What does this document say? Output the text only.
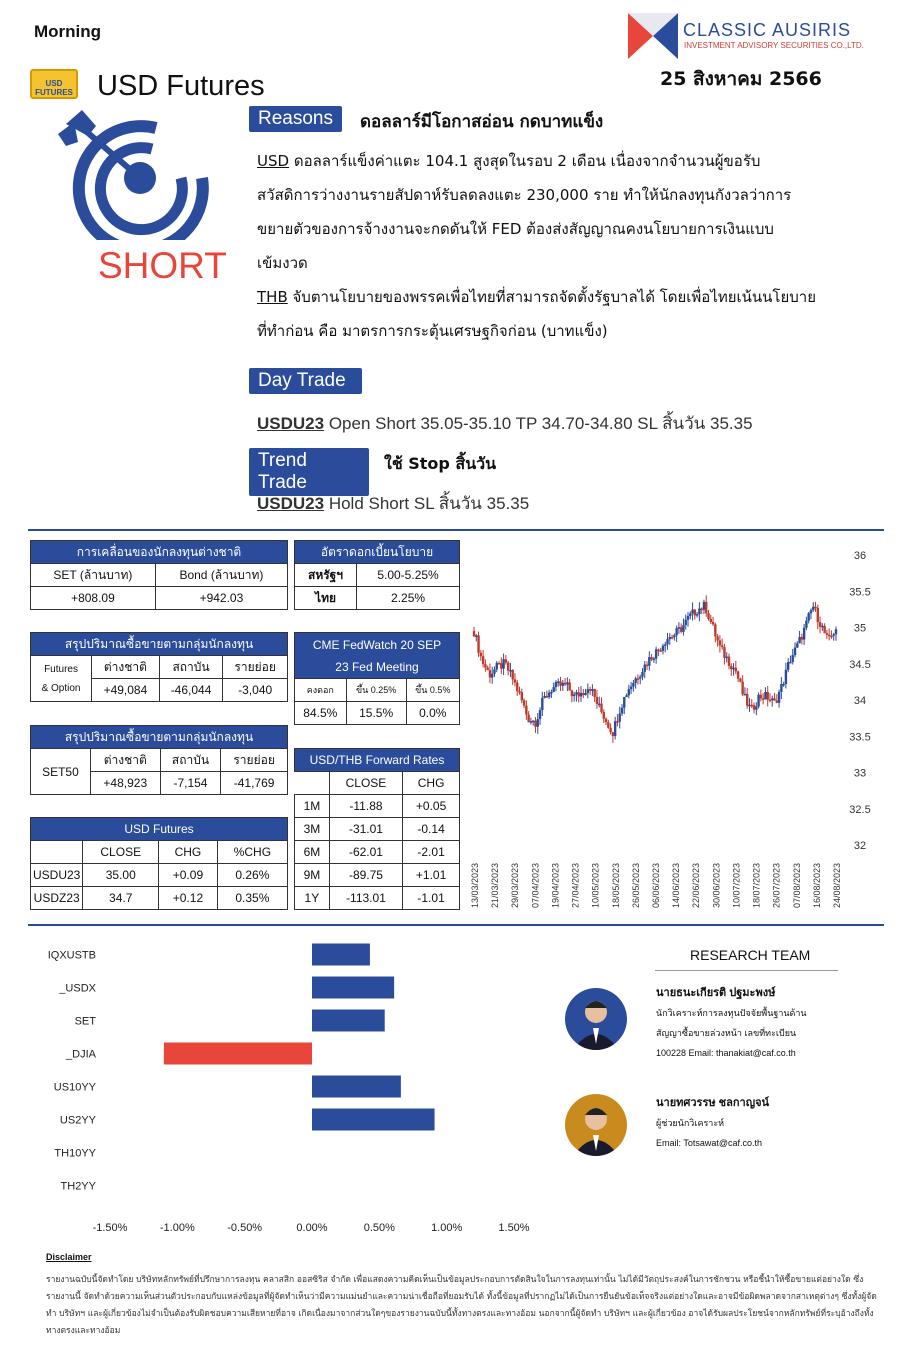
Morning
USD FUTURES USD Futures
CLASSIC AUSIRIS
INVESTMENT ADVISORY SECURITIES CO.,LTD.
25 สิงหาคม 2566
SHORT
Reasons	ดอลลาร์มีโอกาสอ่อน กดบาทแข็ง
USD ดอลลาร์แข็งค่าแตะ 104.1 สูงสุดในรอบ 2 เดือน เนื่องจากจำนวนผู้ขอรับ
สวัสดิการว่างงานรายสัปดาห์รับลดลงแตะ 230,000 ราย ทำให้นักลงทุนกังวลว่าการ
ขยายตัวของการจ้างงานจะกดดันให้ FED ต้องส่งสัญญาณคงนโยบายการเงินแบบ
เข้มงวด
THB จับตานโยบายของพรรคเพื่อไทยที่สามารถจัดตั้งรัฐบาลได้ โดยเพื่อไทยเน้นนโยบาย
ที่ทำก่อน คือ มาตรการกระตุ้นเศรษฐกิจก่อน (บาทแข็ง)
Day Trade
USDU23 Open Short 35.05-35.10 TP 34.70-34.80 SL สิ้นวัน 35.35
Trend Trade
ใช้ Stop สิ้นวัน
USDU23 Hold Short SL สิ้นวัน 35.35
การเคลื่อนของนักลงทุนต่างชาติ	
SET (ล้านบาท)	Bond (ล้านบาท)
+808.09	+942.03
อัตราดอกเบี้ยนโยบาย	
สหรัฐฯ	5.00-5.25%
ไทย	2.25%
สรุปปริมาณซื้อขายตามกลุ่มนักลงทุน			

Futures
& Option	ต่างชาติ	สถาบัน	รายย่อย
	+49,084	-46,044	-3,040
สรุปปริมาณซื้อขายตามกลุ่มนักลงทุน			
SET50	ต่างชาติ	สถาบัน	รายย่อย
	+48,923	-7,154	-41,769
CME FedWatch 20 SEP
23 Fed Meeting		

คงดอก	ขึ้น 0.25%	ขึ้น 0.5%
84.5%	15.5%	0.0%
USD Futures			
	CLOSE	CHG	%CHG
USDU23	35.00	+0.09	0.26%
USDZ23	34.7	+0.12	0.35%
USD/THB Forward Rates		
	CLOSE	CHG
1M	-11.88	+0.05
3M	-31.01	-0.14
6M	-62.01	-2.01
9M	-89.75	+1.01
1Y	-113.01	-1.01
36
35.5
35
34.5
34
33.5
33
32.5
32
13/03/2023 21/03/2023 29/03/2023 07/04/2023 19/04/2023 27/04/2023 10/05/2023 18/05/2023 26/05/2023 06/06/2023 14/06/2023 22/06/2023 30/06/2023 10/07/2023 18/07/2023 26/07/2023 07/08/2023 16/08/2023 24/08/2023
IQXUSTB
_USDX
SET
_DJIA
US10YY
US2YY
TH10YY
TH2YY
-1.50%	-1.00%	-0.50%	0.00%	0.50%	1.00%	1.50%
RESEARCH TEAM
นายธนะเกียรติ ปฐมะพงษ์
นักวิเคราะห์การลงทุนปัจจัยพื้นฐานด้าน
สัญญาซื้อขายล่วงหน้า เลขที่ทะเบียน
100228 Email: thanakiat@caf.co.th
นายทศวรรษ ชลกาญจน์
ผู้ช่วยนักวิเคราะห์
Email: Totsawat@caf.co.th
Disclaimer
รายงานฉบับนี้จัดทำโดย บริษัทหลักทรัพย์ที่ปรึกษาการลงทุน คลาสสิก ออสซิริส จำกัด เพื่อแสดงความคิดเห็นเป็นข้อมูลประกอบการตัดสินใจในการลงทุนเท่านั้น ไม่ได้มีวัตถุประสงค์ในการชักชวน หรือชี้นำให้ซื้อขายแต่อย่างใด ซึ่งรายงานนี้ จัดทำด้วยความเห็นส่วนตัวประกอบกับแหล่งข้อมูลที่ผู้จัดทำเห็นว่ามีความแม่นยำและความน่าเชื่อถือที่ยอมรับได้ ทั้งนี้ข้อมูลที่ปรากฏไม่ได้เป็นการยืนยันข้อเท็จจริงแต่อย่างใดและอาจมีข้อผิดพลาดจากสาเหตุต่างๆ ซึ่งทั้งผู้จัดทำ บริษัทฯ และผู้เกี่ยวข้องไม่จำเป็นต้องรับผิดชอบความเสียหายที่อาจ เกิดเนื่องมาจากส่วนใดๆของรายงานฉบับนี้ทั้งทางตรงและทางอ้อม นอกจากนี้ผู้จัดทำ บริษัทฯ และผู้เกี่ยวข้อง อาจได้รับผลประโยชน์จากหลักทรัพย์ที่ระบุอ้างถึงทั้งทางตรงและทางอ้อม
